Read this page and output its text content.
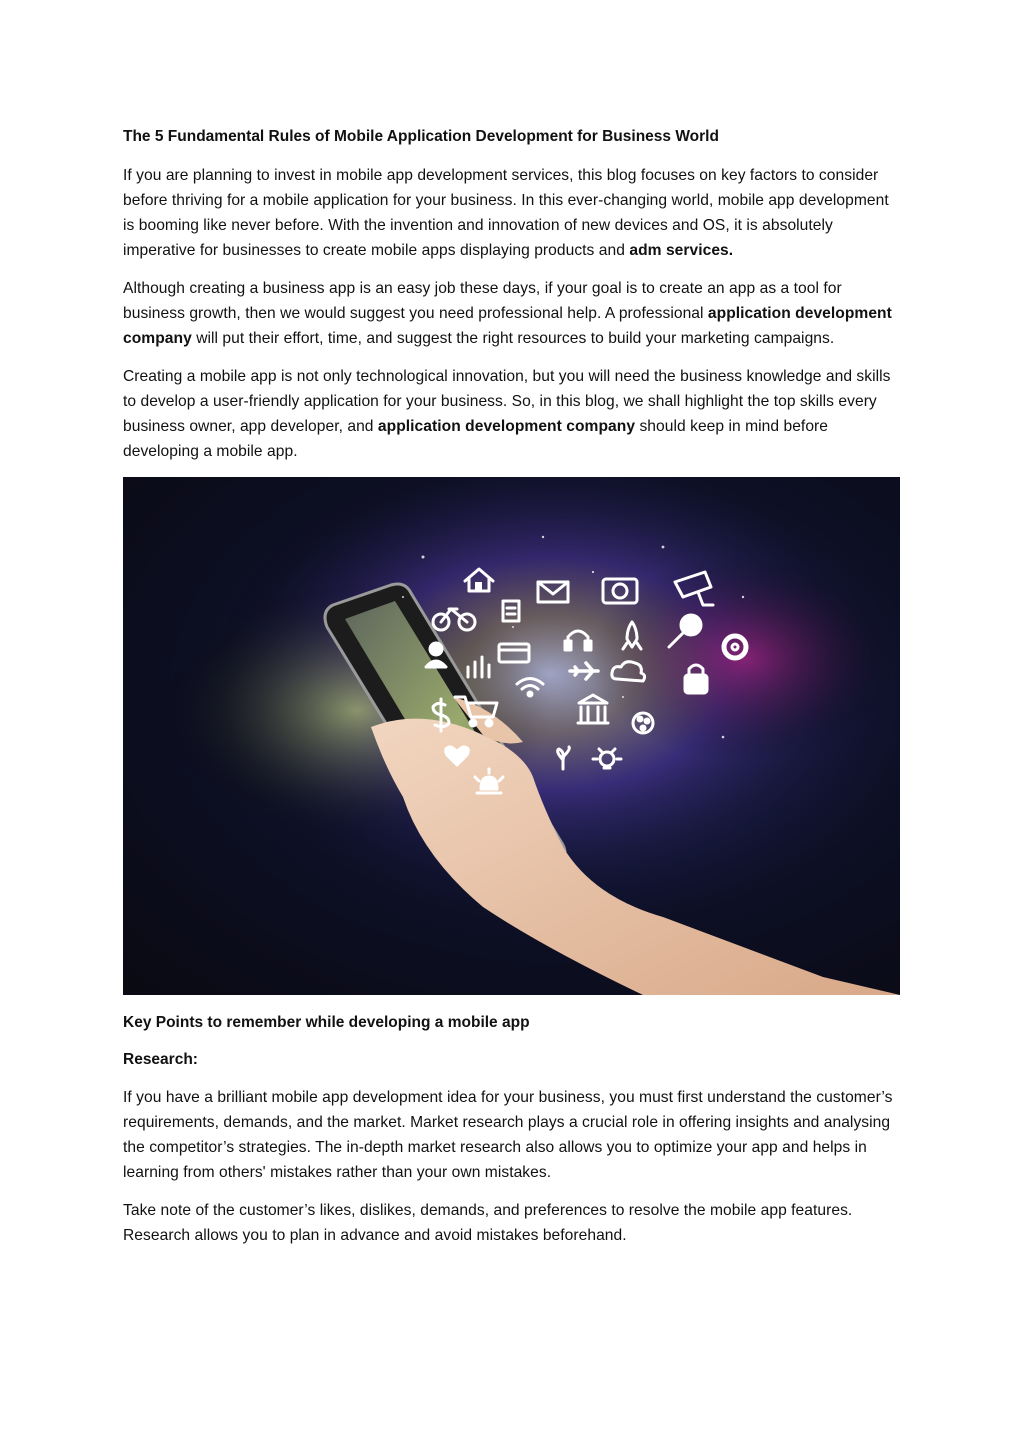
The 5 Fundamental Rules of Mobile Application Development for Business World

If you are planning to invest in mobile app development services, this blog focuses on key factors to consider before thriving for a mobile application for your business. In this ever-changing world, mobile app development is booming like never before. With the invention and innovation of new devices and OS, it is absolutely imperative for businesses to create mobile apps displaying products and adm services.

Although creating a business app is an easy job these days, if your goal is to create an app as a tool for business growth, then we would suggest you need professional help. A professional application development company will put their effort, time, and suggest the right resources to build your marketing campaigns.

Creating a mobile app is not only technological innovation, but you will need the business knowledge and skills to develop a user-friendly application for your business. So, in this blog, we shall highlight the top skills every business owner, app developer, and application development company should keep in mind before developing a mobile app.

Key Points to remember while developing a mobile app
Research:

If you have a brilliant mobile app development idea for your business, you must first understand the customer’s requirements, demands, and the market. Market research plays a crucial role in offering insights and analysing the competitor’s strategies. The in-depth market research also allows you to optimize your app and helps in learning from others' mistakes rather than your own mistakes.

Take note of the customer’s likes, dislikes, demands, and preferences to resolve the mobile app features. Research allows you to plan in advance and avoid mistakes beforehand.
